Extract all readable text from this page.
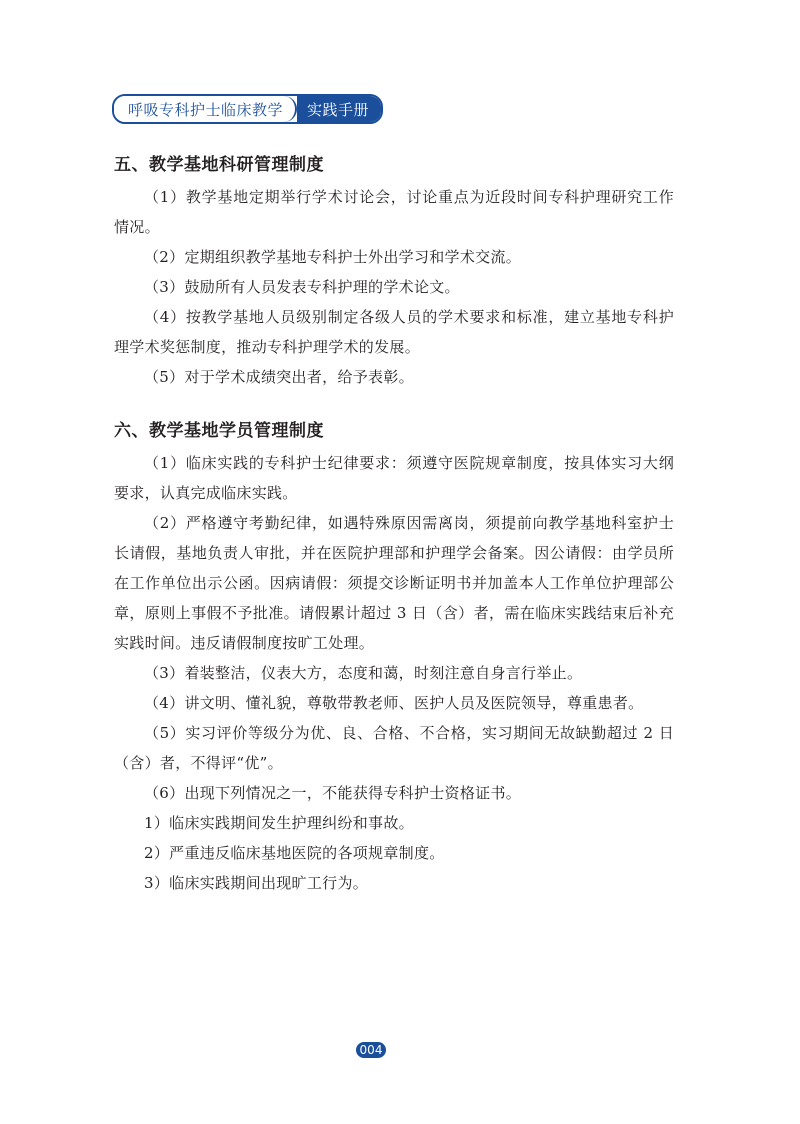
呼吸专科护士临床教学	实践手册
五、教学基地科研管理制度

（1）教学基地定期举行学术讨论会，讨论重点为近段时间专科护理研究工作情况。

（2）定期组织教学基地专科护士外出学习和学术交流。

（3）鼓励所有人员发表专科护理的学术论文。

（4）按教学基地人员级别制定各级人员的学术要求和标准，建立基地专科护理学术奖惩制度，推动专科护理学术的发展。

（5）对于学术成绩突出者，给予表彰。

六、教学基地学员管理制度

（1）临床实践的专科护士纪律要求：须遵守医院规章制度，按具体实习大纲要求，认真完成临床实践。

（2）严格遵守考勤纪律，如遇特殊原因需离岗，须提前向教学基地科室护士长请假，基地负责人审批，并在医院护理部和护理学会备案。因公请假：由学员所在工作单位出示公函。因病请假：须提交诊断证明书并加盖本人工作单位护理部公章，原则上事假不予批准。请假累计超过 3 日（含）者，需在临床实践结束后补充实践时间。违反请假制度按旷工处理。

（3）着装整洁，仪表大方，态度和蔼，时刻注意自身言行举止。

（4）讲文明、懂礼貌，尊敬带教老师、医护人员及医院领导，尊重患者。

（5）实习评价等级分为优、良、合格、不合格，实习期间无故缺勤超过 2 日（含）者，不得评“优”。

（6）出现下列情况之一，不能获得专科护士资格证书。

1）临床实践期间发生护理纠纷和事故。

2）严重违反临床基地医院的各项规章制度。

3）临床实践期间出现旷工行为。

004
